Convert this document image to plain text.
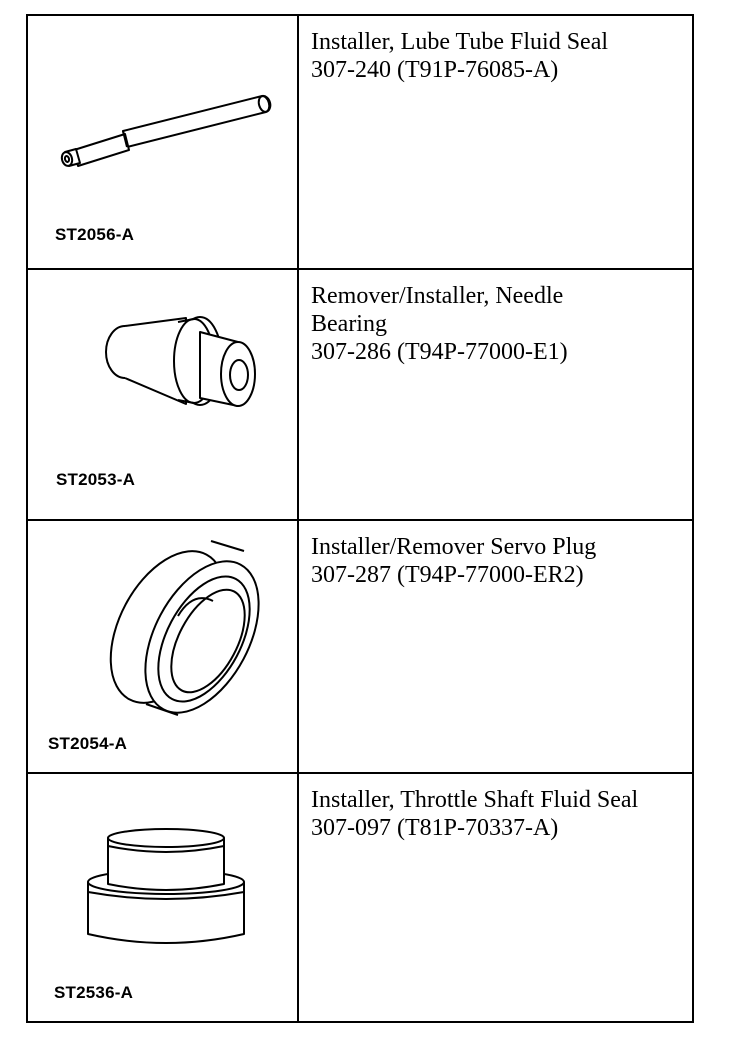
ST2056-A
Installer, Lube Tube Fluid Seal
307-240 (T91P-76085-A)
ST2053-A
Remover/Installer, Needle
Bearing
307-286 (T94P-77000-E1)
ST2054-A
Installer/Remover Servo Plug
307-287 (T94P-77000-ER2)
ST2536-A
Installer, Throttle Shaft Fluid Seal
307-097 (T81P-70337-A)
